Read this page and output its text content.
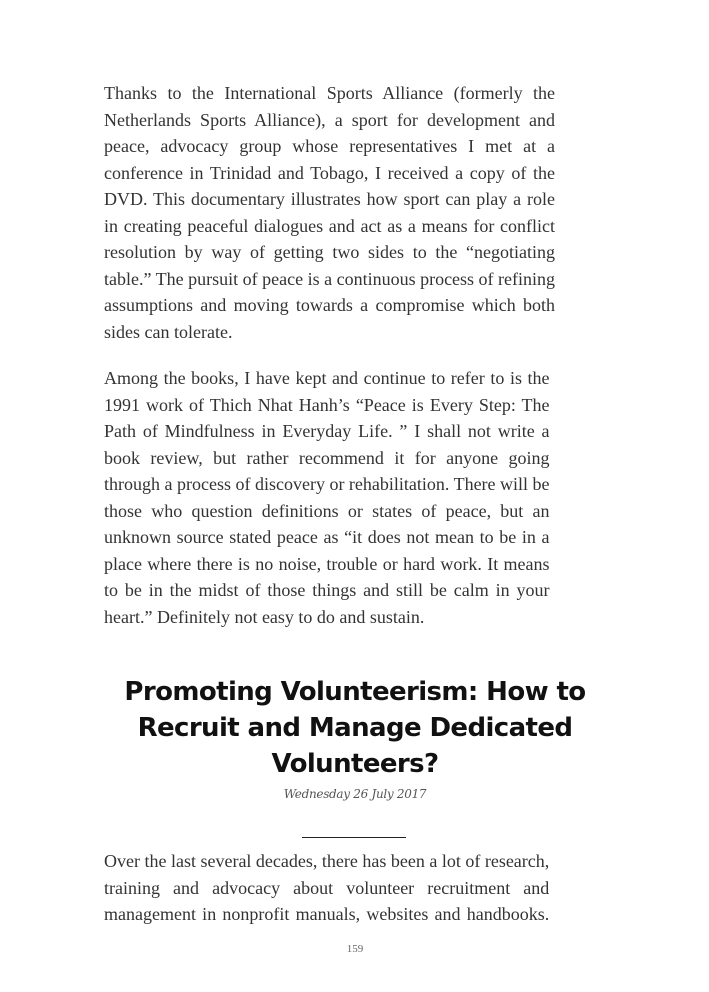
Thanks to the International Sports Alliance (formerly the
Netherlands Sports Alliance), a sport for development and
peace, advocacy group whose representatives I met at a
conference in Trinidad and Tobago, I received a copy of the
DVD. This documentary illustrates how sport can play a role
in creating peaceful dialogues and act as a means for conflict
resolution by way of getting two sides to the “negotiating
table.” The pursuit of peace is a continuous process of refining
assumptions and moving towards a compromise which both
sides can tolerate.
Among the books, I have kept and continue to refer to is the
1991 work of Thich Nhat Hanh’s “Peace is Every Step: The
Path of Mindfulness in Everyday Life. ” I shall not write a
book review, but rather recommend it for anyone going
through a process of discovery or rehabilitation. There will be
those who question definitions or states of peace, but an
unknown source stated peace as “it does not mean to be in a
place where there is no noise, trouble or hard work. It means
to be in the midst of those things and still be calm in your
heart.” Definitely not easy to do and sustain.
Promoting Volunteerism: How to
Recruit and Manage Dedicated
Volunteers?
Wednesday 26 July 2017
Over the last several decades, there has been a lot of research,
training and advocacy about volunteer recruitment and
management in nonprofit manuals, websites and handbooks.
159
